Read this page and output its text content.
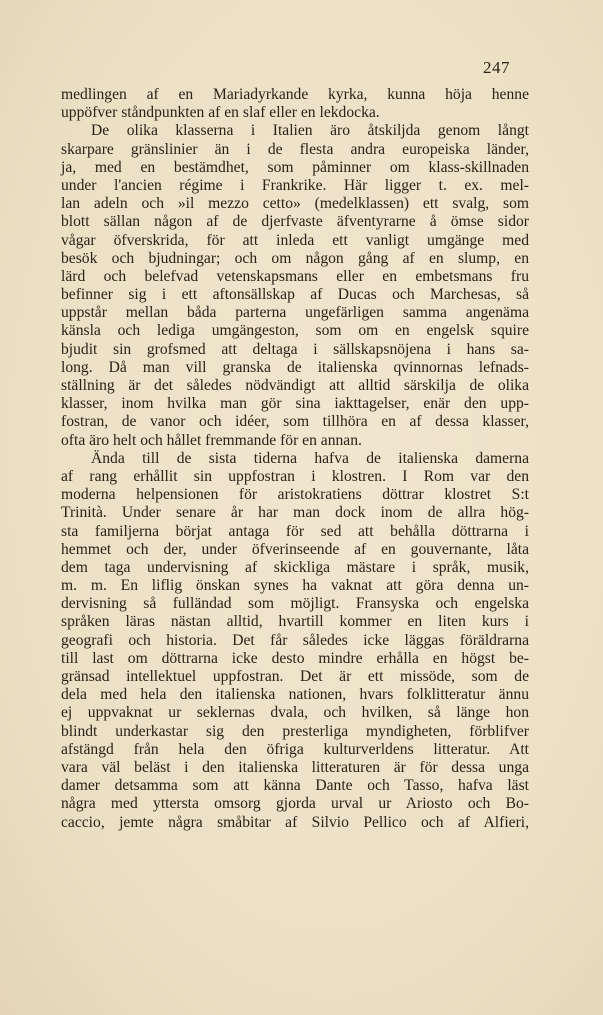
247
medlingen af en Mariadyrkande kyrka, kunna höja henne
uppöfver ståndpunkten af en slaf eller en lekdocka.
De olika klasserna i Italien äro åtskiljda genom långt
skarpare gränslinier än i de flesta andra europeiska länder,
ja, med en bestämdhet, som påminner om klass-skillnaden
under l'ancien régime i Frankrike. Här ligger t. ex. mel-
lan adeln och »il mezzo cetto» (medelklassen) ett svalg, som
blott sällan någon af de djerfvaste äfventyrarne å ömse sidor
vågar öfverskrida, för att inleda ett vanligt umgänge med
besök och bjudningar; och om någon gång af en slump, en
lärd och belefvad vetenskapsmans eller en embetsmans fru
befinner sig i ett aftonsällskap af Ducas och Marchesas, så
uppstår mellan båda parterna ungefärligen samma angenäma
känsla och lediga umgängeston, som om en engelsk squire
bjudit sin grofsmed att deltaga i sällskapsnöjena i hans sa-
long. Då man vill granska de italienska qvinnornas lefnads-
ställning är det således nödvändigt att alltid särskilja de olika
klasser, inom hvilka man gör sina iakttagelser, enär den upp-
fostran, de vanor och idéer, som tillhöra en af dessa klasser,
ofta äro helt och hållet fremmande för en annan.
Ända till de sista tiderna hafva de italienska damerna
af rang erhållit sin uppfostran i klostren. I Rom var den
moderna helpensionen för aristokratiens döttrar klostret S:t
Trinità. Under senare år har man dock inom de allra hög-
sta familjerna börjat antaga för sed att behålla döttrarna i
hemmet och der, under öfverinseende af en gouvernante, låta
dem taga undervisning af skickliga mästare i språk, musik,
m. m. En liflig önskan synes ha vaknat att göra denna un-
dervisning så fulländad som möjligt. Fransyska och engelska
språken läras nästan alltid, hvartill kommer en liten kurs i
geografi och historia. Det får således icke läggas föräldrarna
till last om döttrarna icke desto mindre erhålla en högst be-
gränsad intellektuel uppfostran. Det är ett missöde, som de
dela med hela den italienska nationen, hvars folklitteratur ännu
ej uppvaknat ur seklernas dvala, och hvilken, så länge hon
blindt underkastar sig den presterliga myndigheten, förblifver
afstängd från hela den öfriga kulturverldens litteratur. Att
vara väl beläst i den italienska litteraturen är för dessa unga
damer detsamma som att känna Dante och Tasso, hafva läst
några med yttersta omsorg gjorda urval ur Ariosto och Bo-
caccio, jemte några småbitar af Silvio Pellico och af Alfieri,
